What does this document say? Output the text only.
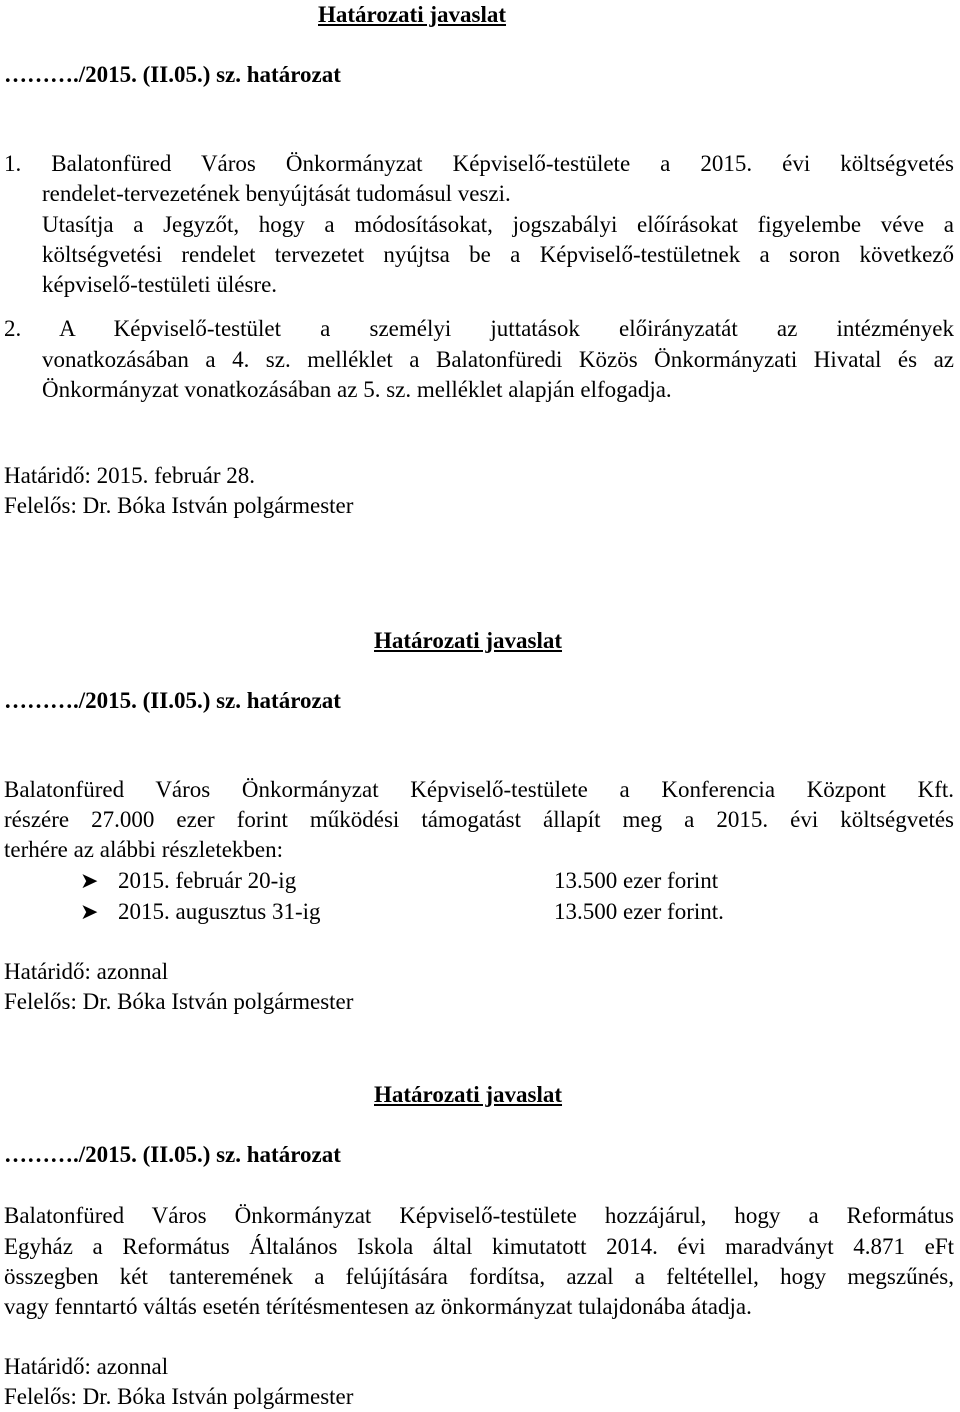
Határozati javaslat
………./2015. (II.05.) sz. határozat
1. Balatonfüred Város Önkormányzat Képviselő-testülete a 2015. évi költségvetés
rendelet-tervezetének benyújtását tudomásul veszi.
Utasítja a Jegyzőt, hogy a módosításokat, jogszabályi előírásokat figyelembe véve a
költségvetési rendelet tervezetet nyújtsa be a Képviselő-testületnek a soron következő
képviselő-testületi ülésre.
2. A Képviselő-testület a személyi juttatások előirányzatát az intézmények
vonatkozásában a 4. sz. melléklet a Balatonfüredi Közös Önkormányzati Hivatal és az
Önkormányzat vonatkozásában az 5. sz. melléklet alapján elfogadja.
Határidő: 2015. február 28.
Felelős: Dr. Bóka István polgármester
Határozati javaslat
………./2015. (II.05.) sz. határozat
Balatonfüred Város Önkormányzat Képviselő-testülete a Konferencia Központ Kft.
részére 27.000 ezer forint működési támogatást állapít meg a 2015. évi költségvetés
terhére az alábbi részletekben:
➤ 2015. február 20-ig	13.500 ezer forint
➤ 2015. augusztus 31-ig	13.500 ezer forint.
Határidő: azonnal
Felelős: Dr. Bóka István polgármester
Határozati javaslat
………./2015. (II.05.) sz. határozat
Balatonfüred Város Önkormányzat Képviselő-testülete hozzájárul, hogy a Református
Egyház a Református Általános Iskola által kimutatott 2014. évi maradványt 4.871 eFt
összegben két tanteremének a felújítására fordítsa, azzal a feltétellel, hogy megszűnés,
vagy fenntartó váltás esetén térítésmentesen az önkormányzat tulajdonába átadja.
Határidő: azonnal
Felelős: Dr. Bóka István polgármester
